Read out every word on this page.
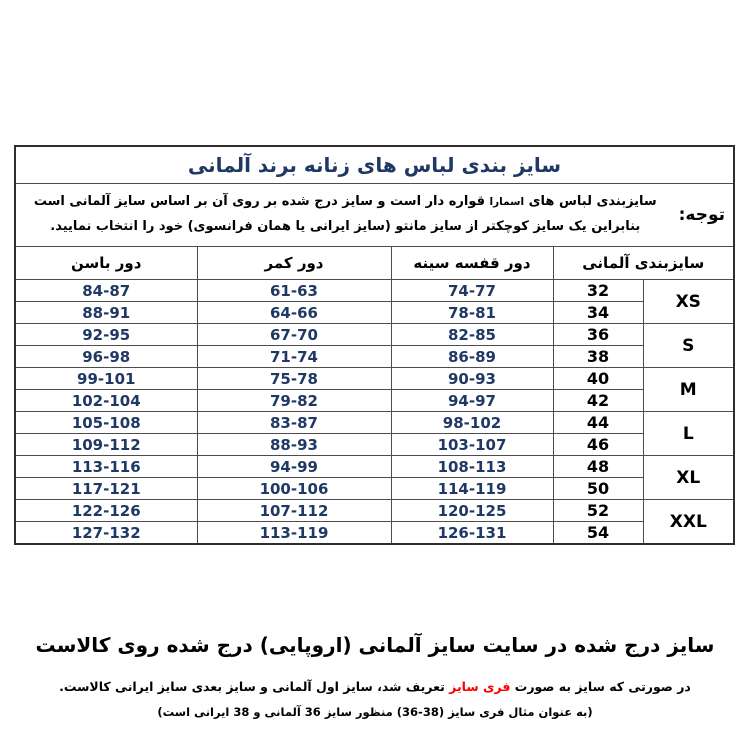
سایز بندی لباس های زنانه برند آلمانی				

توجه:
سایزبندی لباس های اسمارا قواره دار است و سایز درج شده بر روی آن بر اساس سایز آلمانی است
بنابراین یک سایز کوچکتر از سایز مانتو (سایز ایرانی یا همان فرانسوی) خود را انتخاب نمایید.				

دور باسن	دور کمر	دور قفسه سینه	سایزبندی آلمانی	
84-87	61-63	74-77	32	XS
88-91	64-66	78-81	34	
92-95	67-70	82-85	36	S
96-98	71-74	86-89	38	
99-101	75-78	90-93	40	M
102-104	79-82	94-97	42	
105-108	83-87	98-102	44	L
109-112	88-93	103-107	46	
113-116	94-99	108-113	48	XL
117-121	100-106	114-119	50	
122-126	107-112	120-125	52	XXL
127-132	113-119	126-131	54	
سایز درج شده در سایت سایز آلمانی (اروپایی) درج شده روی کالاست
در صورتی که سایز به صورت فری سایز تعریف شد، سایز اول آلمانی و سایز بعدی سایز ایرانی کالاست.
(به عنوان مثال فری سایز (38-36) منظور سایز 36 آلمانی و 38 ایرانی است)
